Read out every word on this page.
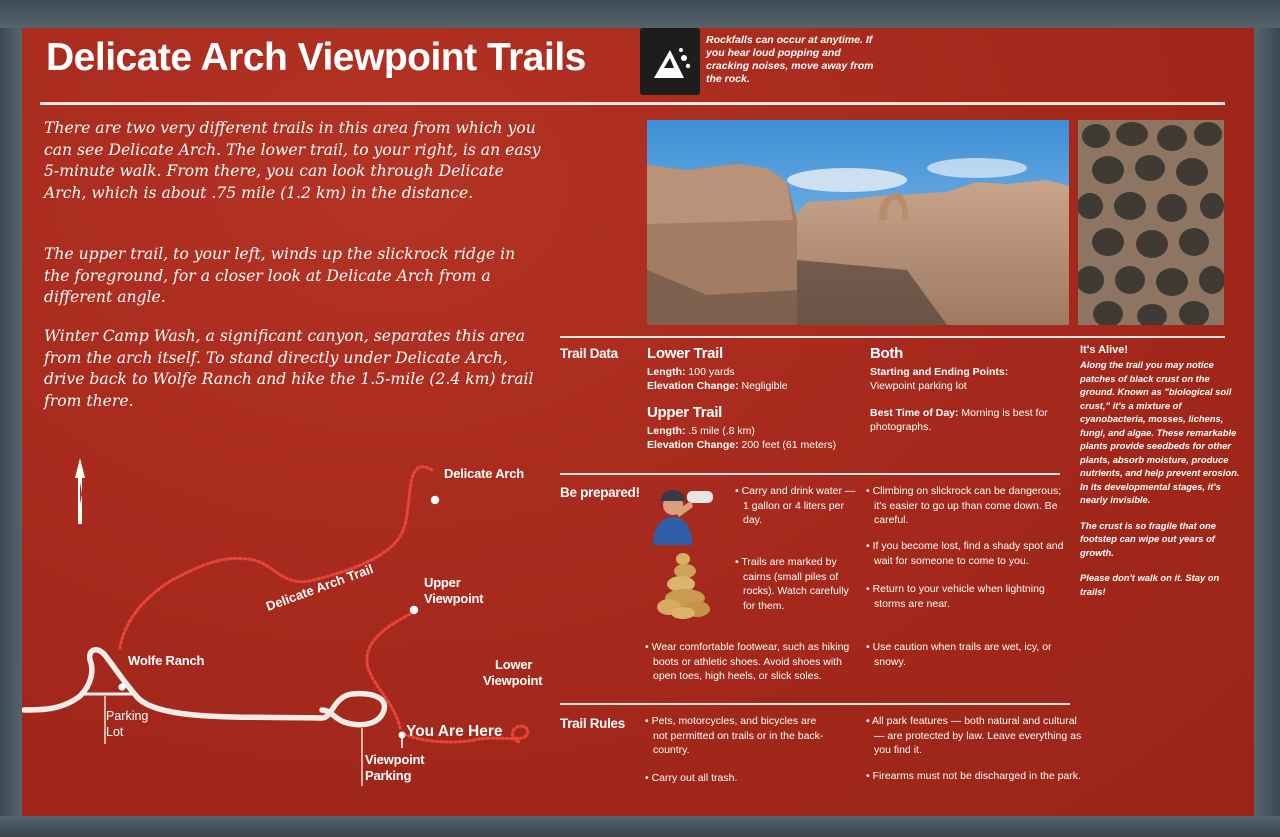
Delicate Arch Viewpoint Trails	Rockfalls can occur at anytime. If you hear loud popping and cracking noises, move away from the rock.
There are two very different trails in this area from which you can see Delicate Arch. The lower trail, to your right, is an easy 5-minute walk. From there, you can look through Delicate Arch, which is about .75 mile (1.2 km) in the distance.
The upper trail, to your left, winds up the slickrock ridge in the foreground, for a closer look at Delicate Arch from a different angle.
Winter Camp Wash, a significant canyon, separates this area from the arch itself. To stand directly under Delicate Arch, drive back to Wolfe Ranch and hike the 1.5-mile (2.4 km) trail from there.
Delicate Arch Trail
Delicate Arch
Upper
Viewpoint
Wolfe Ranch	Lower
Viewpoint
Parking
Lot	You Are Here
Viewpoint
Parking
Trail Data Lower Trail
Length: 100 yards
Elevation Change: Negligible
Upper Trail
Length: .5 mile (.8 km)
Elevation Change: 200 feet (61 meters)
Both
Starting and Ending Points: Viewpoint parking lot
Best Time of Day: Morning is best for photographs.
It's Alive!
Along the trail you may notice patches of black crust on the ground. Known as "biological soil crust," it's a mixture of cyanobacteria, mosses, lichens, fungi, and algae. These remarkable plants provide seedbeds for other plants, absorb moisture, produce nutrients, and help prevent erosion. In its developmental stages, it's nearly invisible.
The crust is so fragile that one footstep can wipe out years of growth.
Please don't walk on it. Stay on trails!
Be prepared!	• Carry and drink water — 1 gallon or 4 liters per day.
• Trails are marked by cairns (small piles of rocks). Watch carefully for them.
• Wear comfortable footwear, such as hiking boots or athletic shoes. Avoid shoes with open toes, high heels, or slick soles.
• Climbing on slickrock can be dangerous; it's easier to go up than come down. Be careful.
• If you become lost, find a shady spot and wait for someone to come to you.
• Return to your vehicle when lightning storms are near.
• Use caution when trails are wet, icy, or snowy.
Trail Rules • Pets, motorcycles, and bicycles are not permitted on trails or in the back-country.
• Carry out all trash.
• All park features — both natural and cultural — are protected by law. Leave everything as you find it.
• Firearms must not be discharged in the park.
